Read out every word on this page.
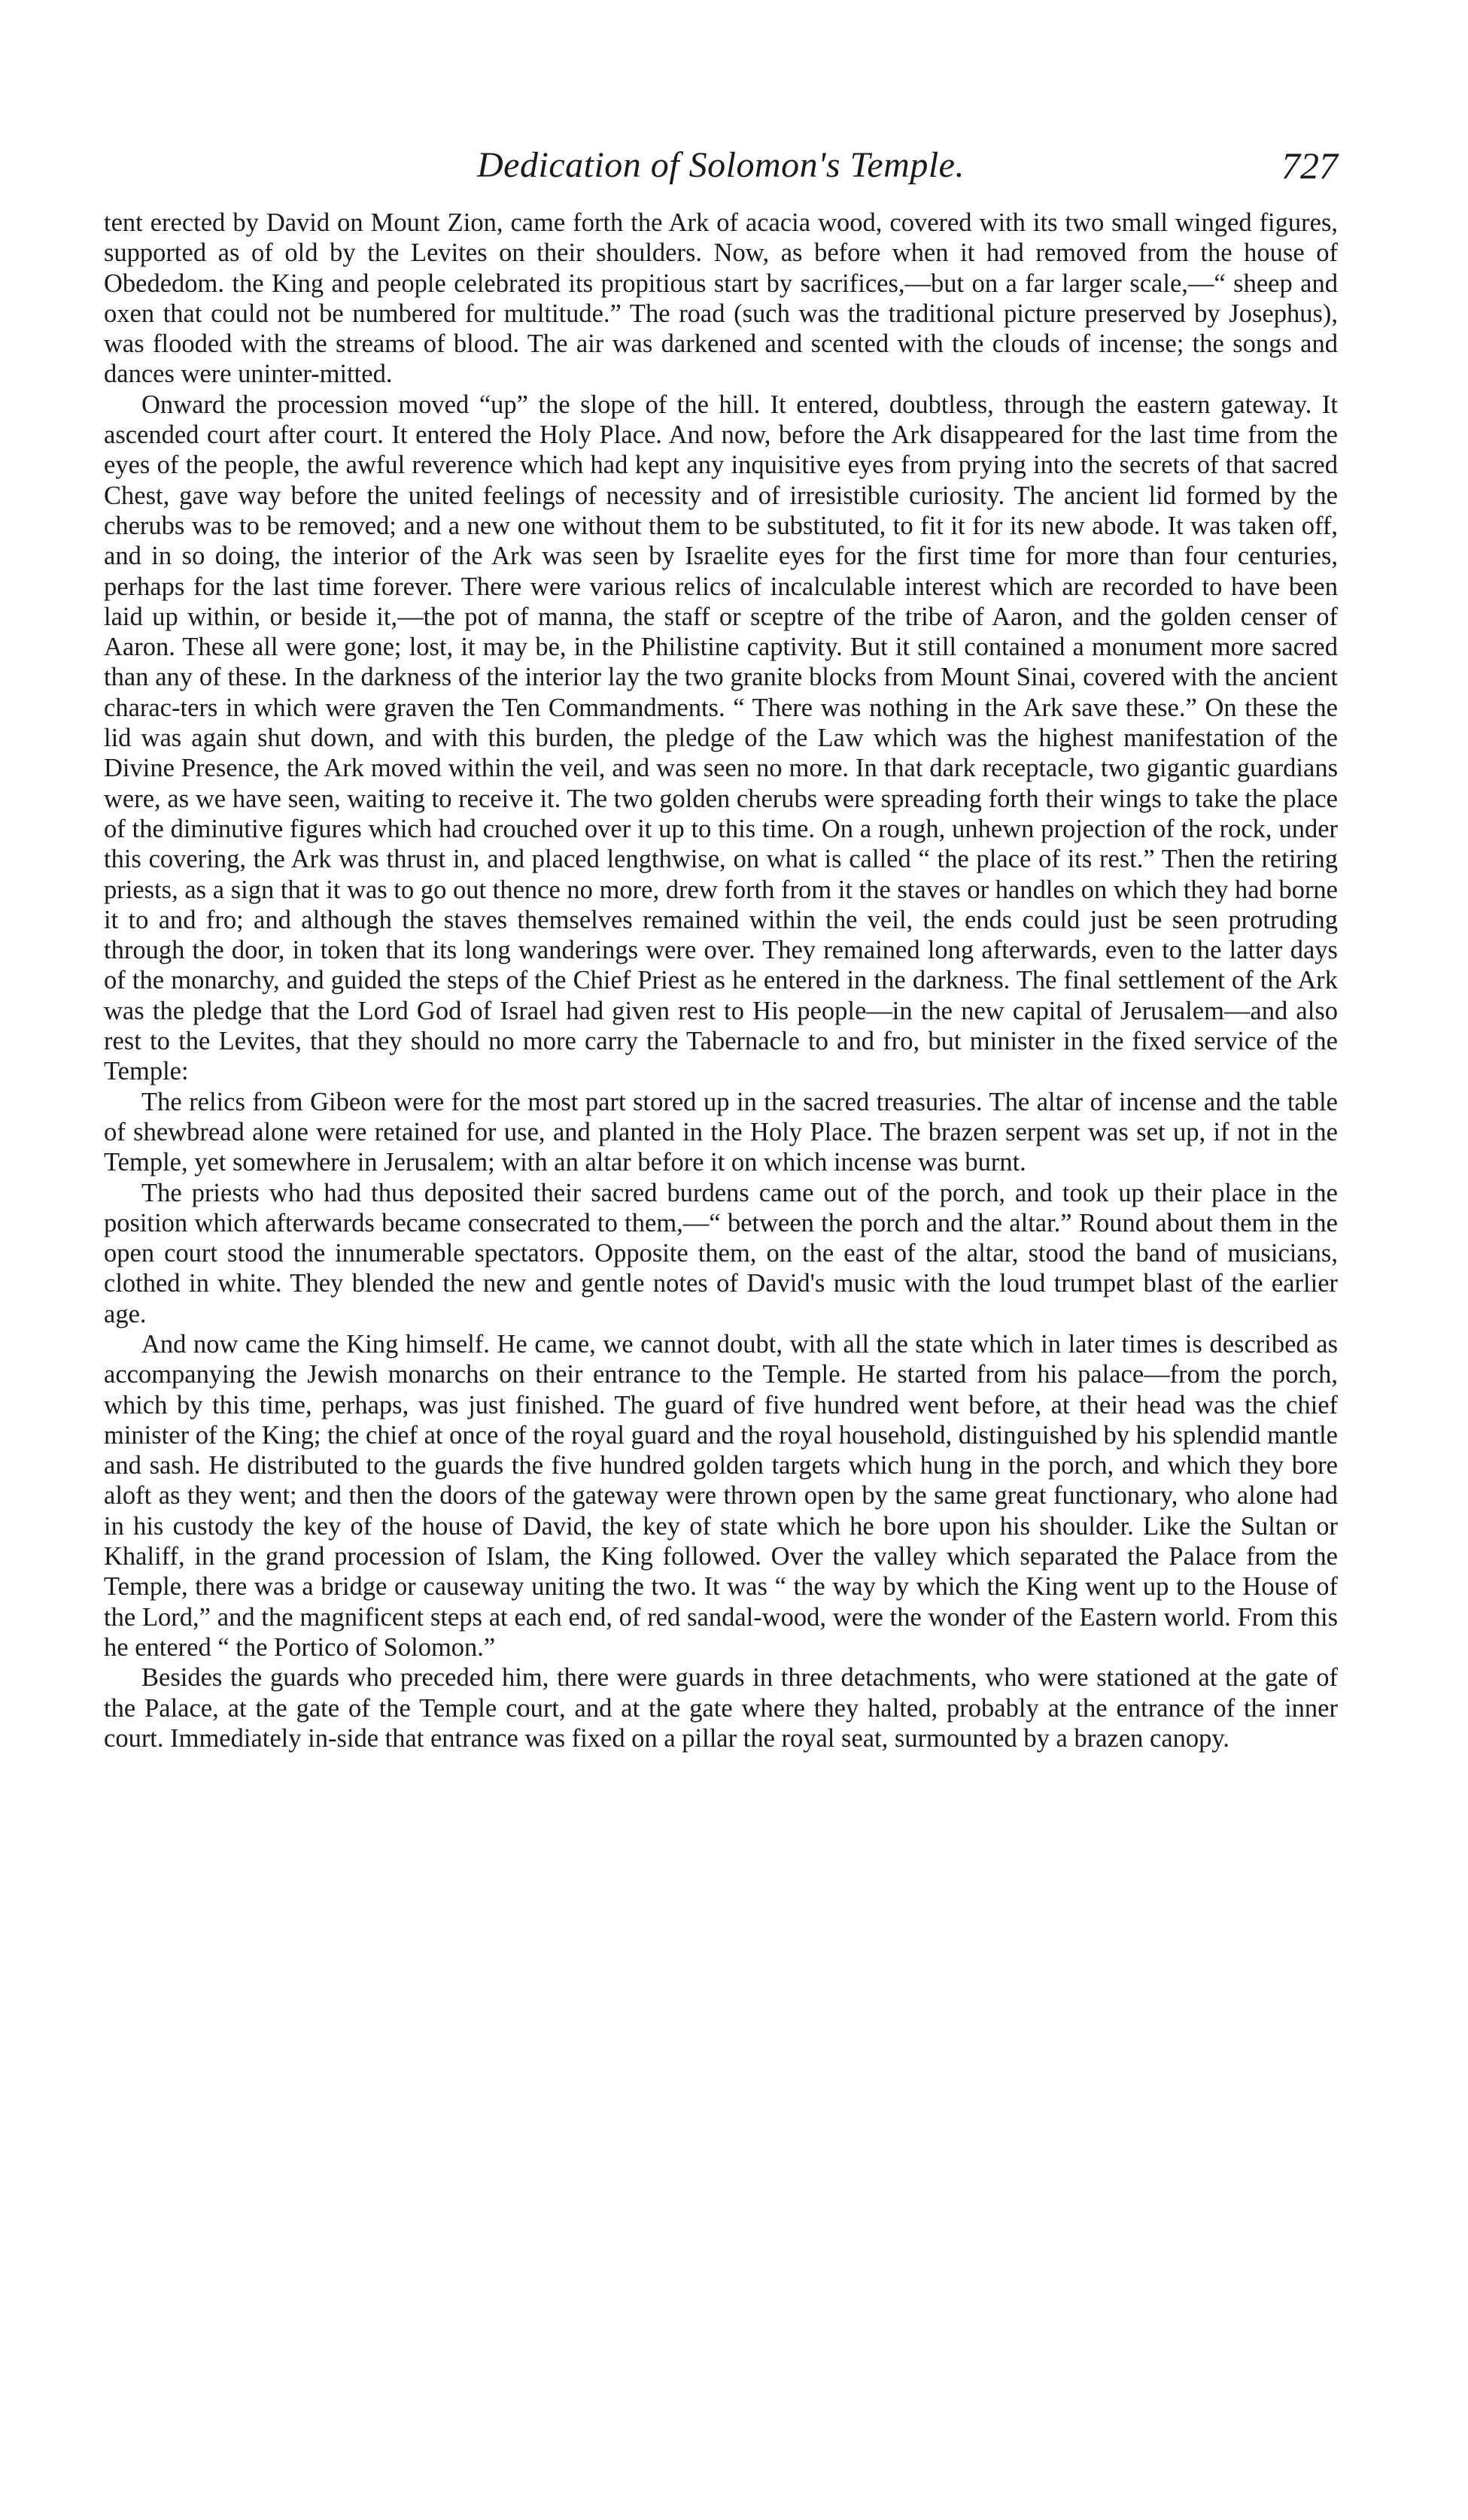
Dedication of Solomon's Temple.	727

tent erected by David on Mount Zion, came forth the Ark of acacia wood, covered with its two small winged figures, supported as of old by the Levites on their shoulders. Now, as before when it had removed from the house of Obededom. the King and people celebrated its propitious start by sacrifices,—but on a far larger scale,—“ sheep and oxen that could not be numbered for multitude.” The road (such was the traditional picture preserved by Josephus), was flooded with the streams of blood. The air was darkened and scented with the clouds of incense; the songs and dances were uninter-mitted.

Onward the procession moved “up” the slope of the hill. It entered, doubtless, through the eastern gateway. It ascended court after court. It entered the Holy Place. And now, before the Ark disappeared for the last time from the eyes of the people, the awful reverence which had kept any inquisitive eyes from prying into the secrets of that sacred Chest, gave way before the united feelings of necessity and of irresistible curiosity. The ancient lid formed by the cherubs was to be removed; and a new one without them to be substituted, to fit it for its new abode. It was taken off, and in so doing, the interior of the Ark was seen by Israelite eyes for the first time for more than four centuries, perhaps for the last time forever. There were various relics of incalculable interest which are recorded to have been laid up within, or beside it,—the pot of manna, the staff or sceptre of the tribe of Aaron, and the golden censer of Aaron. These all were gone; lost, it may be, in the Philistine captivity. But it still contained a monument more sacred than any of these. In the darkness of the interior lay the two granite blocks from Mount Sinai, covered with the ancient charac-ters in which were graven the Ten Commandments. “ There was nothing in the Ark save these.” On these the lid was again shut down, and with this burden, the pledge of the Law which was the highest manifestation of the Divine Presence, the Ark moved within the veil, and was seen no more. In that dark receptacle, two gigantic guardians were, as we have seen, waiting to receive it. The two golden cherubs were spreading forth their wings to take the place of the diminutive figures which had crouched over it up to this time. On a rough, unhewn projection of the rock, under this covering, the Ark was thrust in, and placed lengthwise, on what is called “ the place of its rest.” Then the retiring priests, as a sign that it was to go out thence no more, drew forth from it the staves or handles on which they had borne it to and fro; and although the staves themselves remained within the veil, the ends could just be seen protruding through the door, in token that its long wanderings were over. They remained long afterwards, even to the latter days of the monarchy, and guided the steps of the Chief Priest as he entered in the darkness. The final settlement of the Ark was the pledge that the Lord God of Israel had given rest to His people—in the new capital of Jerusalem—and also rest to the Levites, that they should no more carry the Tabernacle to and fro, but minister in the fixed service of the Temple:

The relics from Gibeon were for the most part stored up in the sacred treasuries. The altar of incense and the table of shewbread alone were retained for use, and planted in the Holy Place. The brazen serpent was set up, if not in the Temple, yet somewhere in Jerusalem; with an altar before it on which incense was burnt.

The priests who had thus deposited their sacred burdens came out of the porch, and took up their place in the position which afterwards became consecrated to them,—“ between the porch and the altar.” Round about them in the open court stood the innumerable spectators. Opposite them, on the east of the altar, stood the band of musicians, clothed in white. They blended the new and gentle notes of David's music with the loud trumpet blast of the earlier age.

And now came the King himself. He came, we cannot doubt, with all the state which in later times is described as accompanying the Jewish monarchs on their entrance to the Temple. He started from his palace—from the porch, which by this time, perhaps, was just finished. The guard of five hundred went before, at their head was the chief minister of the King; the chief at once of the royal guard and the royal household, distinguished by his splendid mantle and sash. He distributed to the guards the five hundred golden targets which hung in the porch, and which they bore aloft as they went; and then the doors of the gateway were thrown open by the same great functionary, who alone had in his custody the key of the house of David, the key of state which he bore upon his shoulder. Like the Sultan or Khaliff, in the grand procession of Islam, the King followed. Over the valley which separated the Palace from the Temple, there was a bridge or causeway uniting the two. It was “ the way by which the King went up to the House of the Lord,” and the magnificent steps at each end, of red sandal-wood, were the wonder of the Eastern world. From this he entered “ the Portico of Solomon.”

Besides the guards who preceded him, there were guards in three detachments, who were stationed at the gate of the Palace, at the gate of the Temple court, and at the gate where they halted, probably at the entrance of the inner court. Immediately in-side that entrance was fixed on a pillar the royal seat, surmounted by a brazen canopy.
